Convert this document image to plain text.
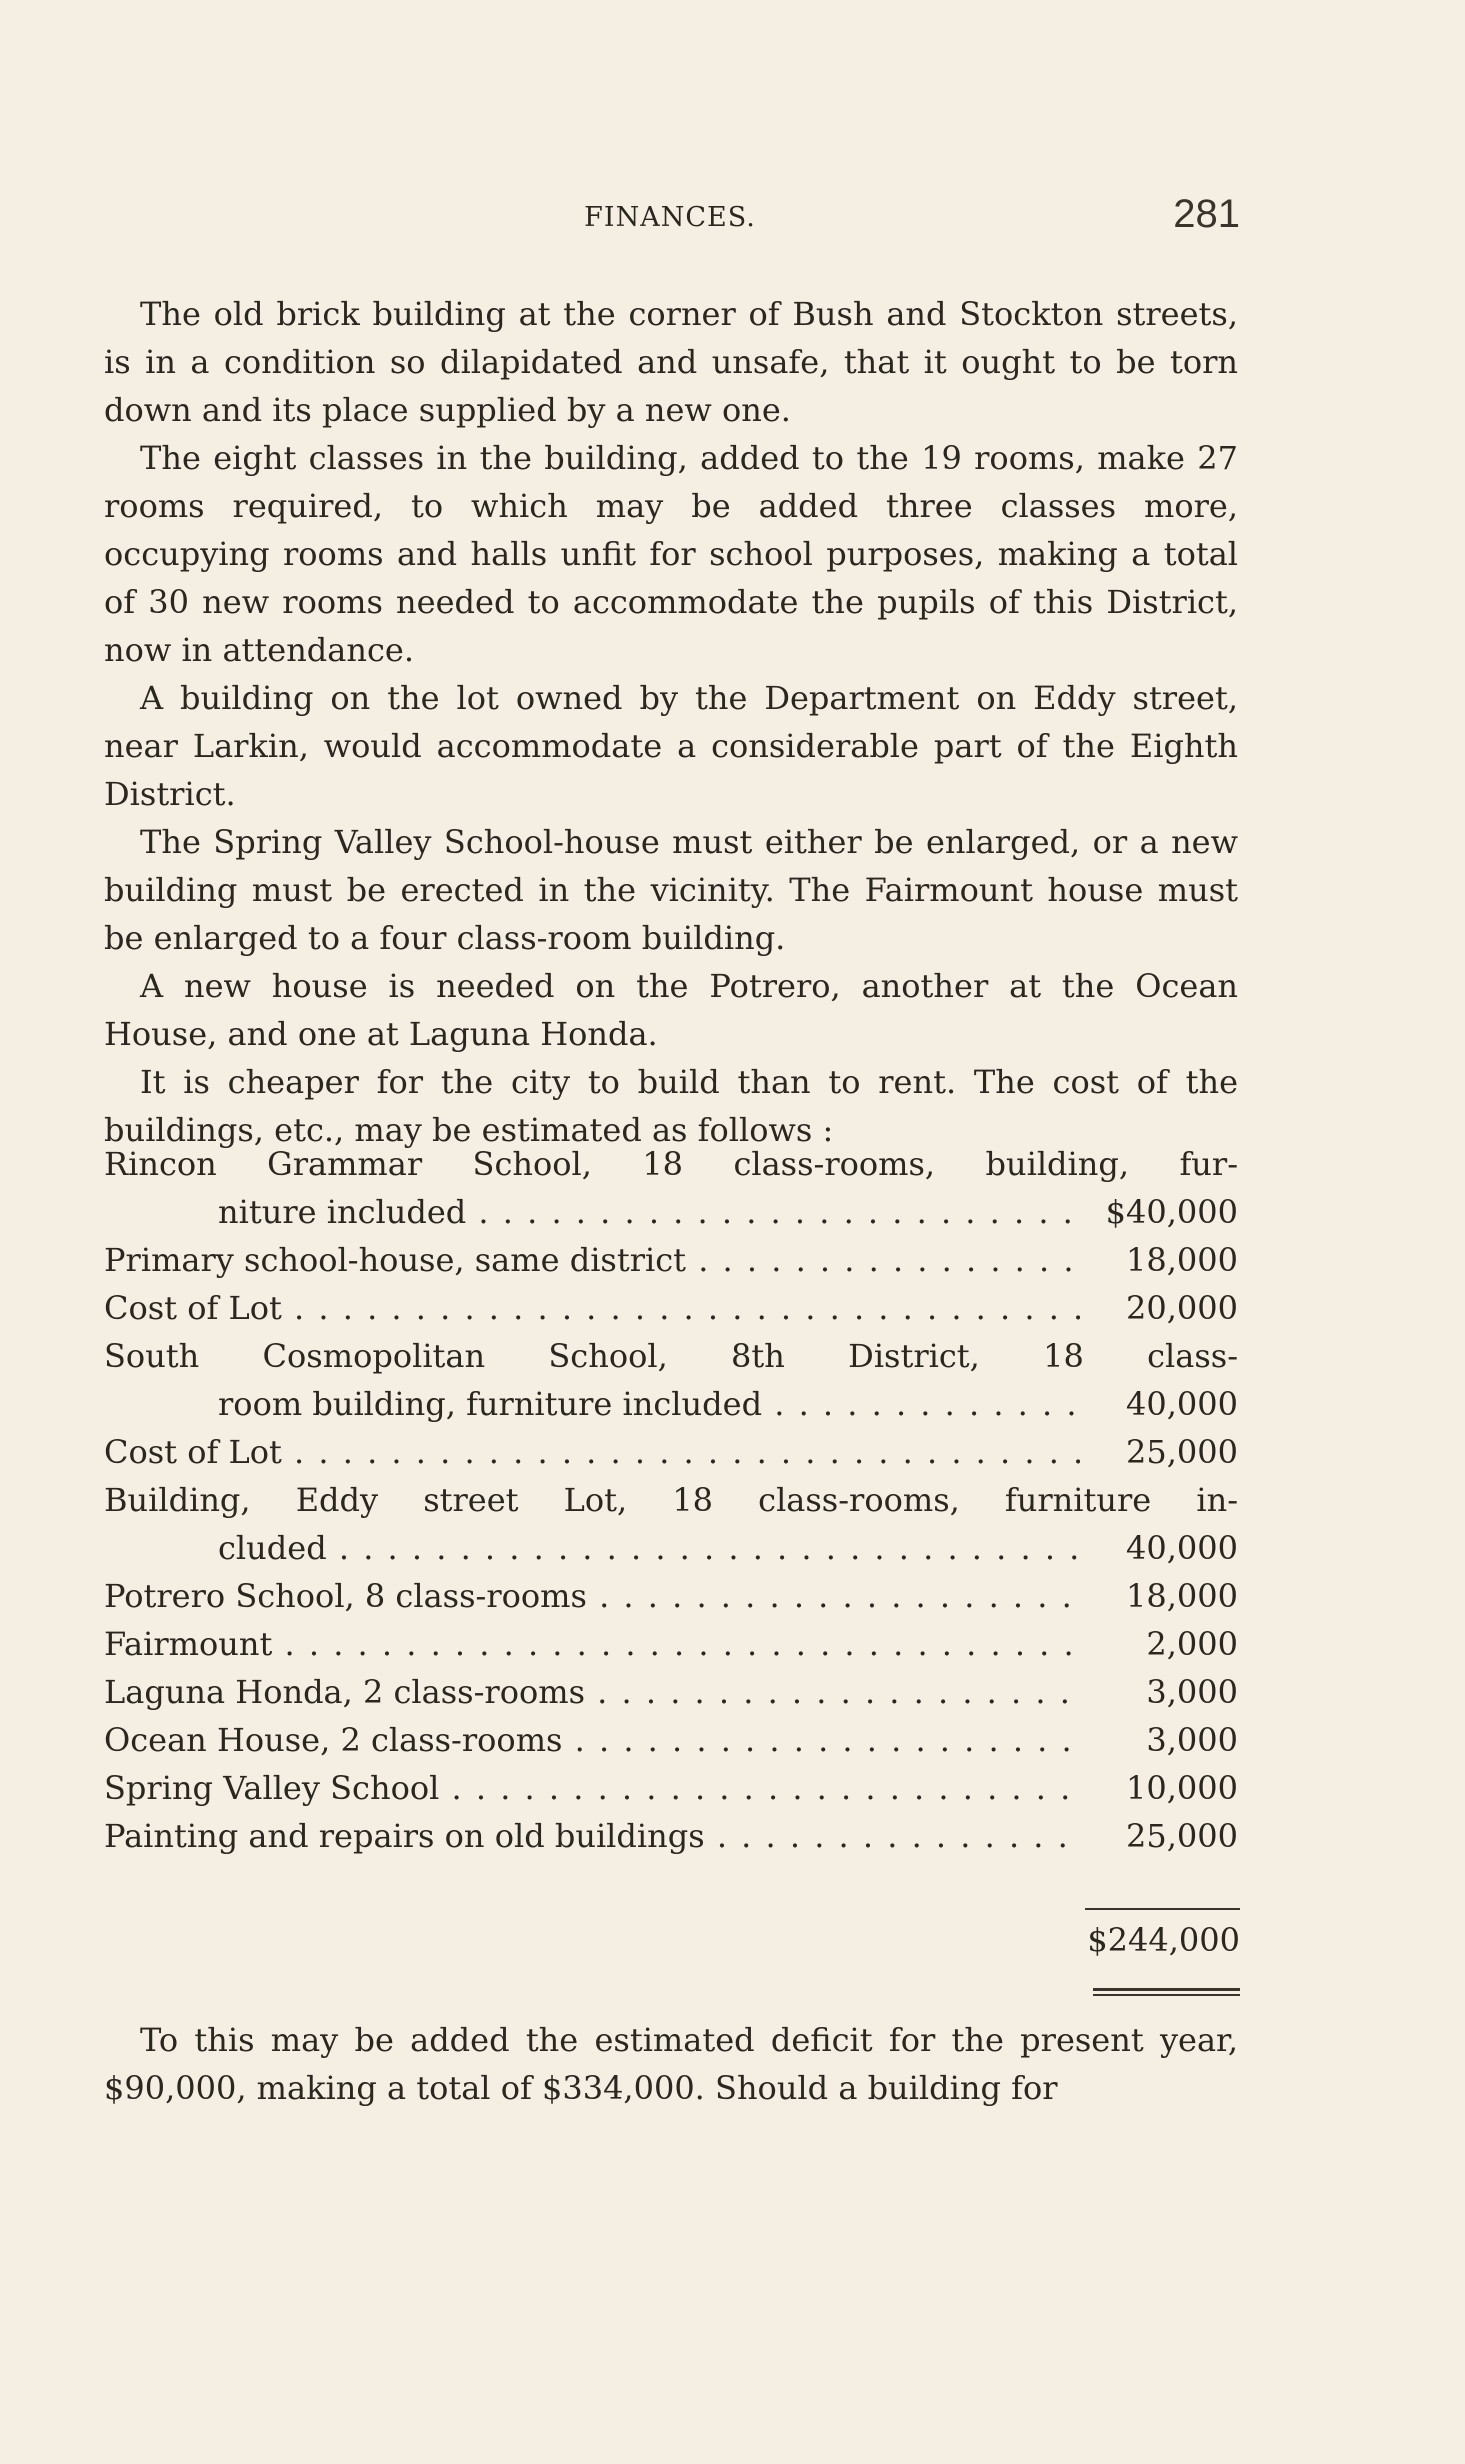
FINANCES.	281

The old brick building at the corner of Bush and Stockton streets, is in a condition so dilapidated and unsafe, that it ought to be torn down and its place supplied by a new one.

The eight classes in the building, added to the 19 rooms, make 27 rooms required, to which may be added three classes more, occupying rooms and halls unfit for school purposes, making a total of 30 new rooms needed to accommodate the pupils of this District, now in attendance.

A building on the lot owned by the Department on Eddy street, near Larkin, would accommodate a considerable part of the Eighth District.

The Spring Valley School-house must either be enlarged, or a new building must be erected in the vicinity. The Fairmount house must be enlarged to a four class-room building.

A new house is needed on the Potrero, another at the Ocean House, and one at Laguna Honda.

It is cheaper for the city to build than to rent. The cost of the buildings, etc., may be estimated as follows :

Rincon Grammar School, 18 class-rooms, building, fur-
niture included . . .	$40,000
Primary school-house, same district . . .	18,000
Cost of Lot . . .	20,000
South Cosmopolitan School, 8th District, 18 class-
room building, furniture included . . .	40,000
Cost of Lot . . .	25,000
Building, Eddy street Lot, 18 class-rooms, furniture in-
cluded . . .	40,000
Potrero School, 8 class-rooms . . .	18,000
Fairmount . . .	2,000
Laguna Honda, 2 class-rooms . . .	3,000
Ocean House, 2 class-rooms . . .	3,000
Spring Valley School . . .	10,000
Painting and repairs on old buildings . . .	25,000
$244,000

To this may be added the estimated deficit for the present year, $90,000, making a total of $334,000. Should a building for
